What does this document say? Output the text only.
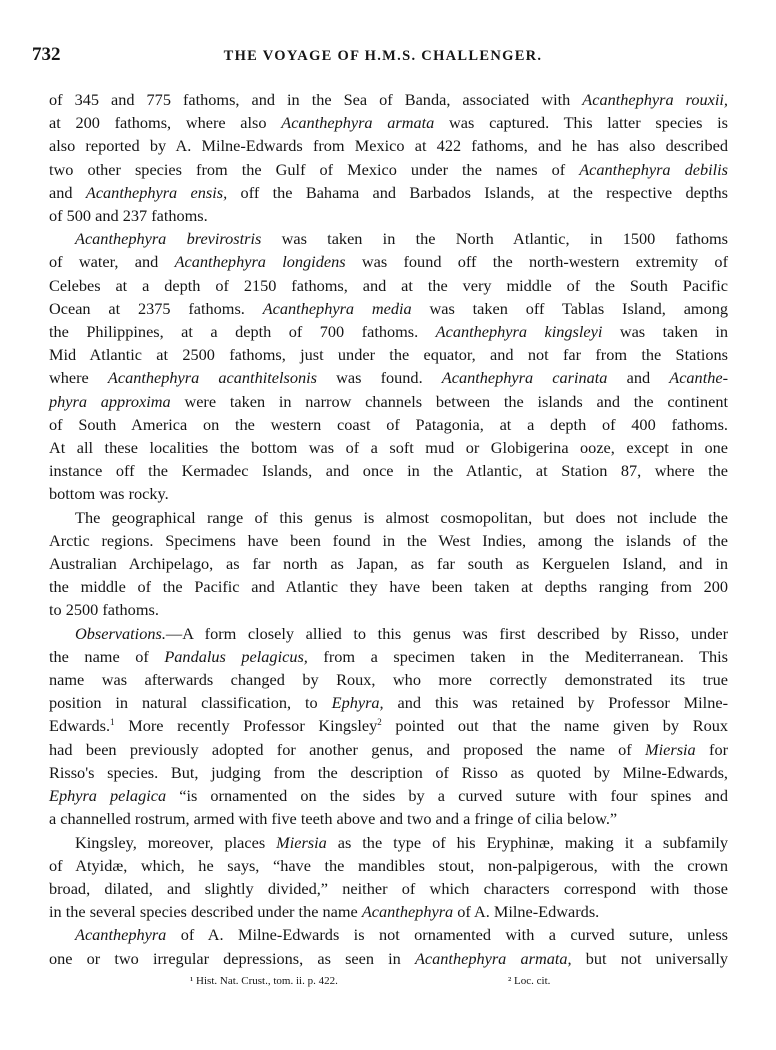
732	THE VOYAGE OF H.M.S. CHALLENGER.
of 345 and 775 fathoms, and in the Sea of Banda, associated with Acanthephyra rouxii,
at 200 fathoms, where also Acanthephyra armata was captured. This latter species is
also reported by A. Milne-Edwards from Mexico at 422 fathoms, and he has also described
two other species from the Gulf of Mexico under the names of Acanthephyra debilis
and Acanthephyra ensis, off the Bahama and Barbados Islands, at the respective depths
of 500 and 237 fathoms.
Acanthephyra brevirostris was taken in the North Atlantic, in 1500 fathoms
of water, and Acanthephyra longidens was found off the north-western extremity of
Celebes at a depth of 2150 fathoms, and at the very middle of the South Pacific
Ocean at 2375 fathoms. Acanthephyra media was taken off Tablas Island, among
the Philippines, at a depth of 700 fathoms. Acanthephyra kingsleyi was taken in
Mid Atlantic at 2500 fathoms, just under the equator, and not far from the Stations
where Acanthephyra acanthitelsonis was found. Acanthephyra carinata and Acanthe-
phyra approxima were taken in narrow channels between the islands and the continent
of South America on the western coast of Patagonia, at a depth of 400 fathoms.
At all these localities the bottom was of a soft mud or Globigerina ooze, except in one
instance off the Kermadec Islands, and once in the Atlantic, at Station 87, where the
bottom was rocky.
The geographical range of this genus is almost cosmopolitan, but does not include the
Arctic regions. Specimens have been found in the West Indies, among the islands of the
Australian Archipelago, as far north as Japan, as far south as Kerguelen Island, and in
the middle of the Pacific and Atlantic they have been taken at depths ranging from 200
to 2500 fathoms.
Observations.—A form closely allied to this genus was first described by Risso, under
the name of Pandalus pelagicus, from a specimen taken in the Mediterranean. This
name was afterwards changed by Roux, who more correctly demonstrated its true
position in natural classification, to Ephyra, and this was retained by Professor Milne-
Edwards.$^1$ More recently Professor Kingsley$^2$ pointed out that the name given by Roux
had been previously adopted for another genus, and proposed the name of Miersia for
Risso's species. But, judging from the description of Risso as quoted by Milne-Edwards,
Ephyra pelagica “is ornamented on the sides by a curved suture with four spines and
a channelled rostrum, armed with five teeth above and two and a fringe of cilia below.”
Kingsley, moreover, places Miersia as the type of his Eryphinæ, making it a subfamily
of Atyidæ, which, he says, “have the mandibles stout, non-palpigerous, with the crown
broad, dilated, and slightly divided,” neither of which characters correspond with those
in the several species described under the name Acanthephyra of A. Milne-Edwards.
Acanthephyra of A. Milne-Edwards is not ornamented with a curved suture, unless
one or two irregular depressions, as seen in Acanthephyra armata, but not universally
¹ Hist. Nat. Crust., tom. ii. p. 422.	² Loc. cit.
